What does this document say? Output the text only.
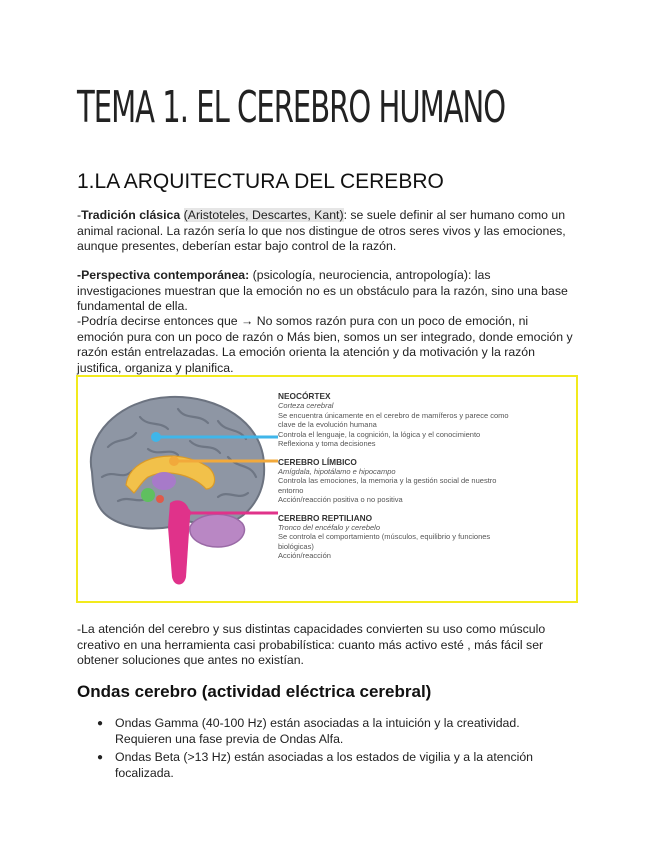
TEMA 1. EL CEREBRO HUMANO
1.LA ARQUITECTURA DEL CEREBRO

-Tradición clásica (Aristoteles, Descartes, Kant): se suele definir al ser humano como un animal racional. La razón sería lo que nos distingue de otros seres vivos y las emociones, aunque presentes, deberían estar bajo control de la razón.

-Perspectiva contemporánea: (psicología, neurociencia, antropología): las investigaciones muestran que la emoción no es un obstáculo para la razón, sino una base fundamental de ella.

-Podría decirse entonces que → No somos razón pura con un poco de emoción, ni emoción pura con un poco de razón o Más bien, somos un ser integrado, donde emoción y razón están entrelazadas. La emoción orienta la atención y da motivación y la razón justifica, organiza y planifica.

NEOCÓRTEX
Corteza cerebral
Se encuentra únicamente en el cerebro de mamíferos y parece como
clave de la evolución humana
Controla el lenguaje, la cognición, la lógica y el conocimiento
Reflexiona y toma decisiones
CEREBRO LÍMBICO
Amígdala, hipotálamo e hipocampo
Controla las emociones, la memoria y la gestión social de nuestro
entorno
Acción/reacción positiva o no positiva
CEREBRO REPTILIANO
Tronco del encéfalo y cerebelo
Se controla el comportamiento (músculos, equilibrio y funciones
biológicas)
Acción/reacción

-La atención del cerebro y sus distintas capacidades convierten su uso como músculo creativo en una herramienta casi probabilística: cuanto más activo esté , más fácil ser obtener soluciones que antes no existían.

Ondas cerebro (actividad eléctrica cerebral)
● Ondas Gamma (40-100 Hz) están asociadas a la intuición y la creatividad. Requieren una fase previa de Ondas Alfa.
● Ondas Beta (>13 Hz) están asociadas a los estados de vigilia y a la atención focalizada.
